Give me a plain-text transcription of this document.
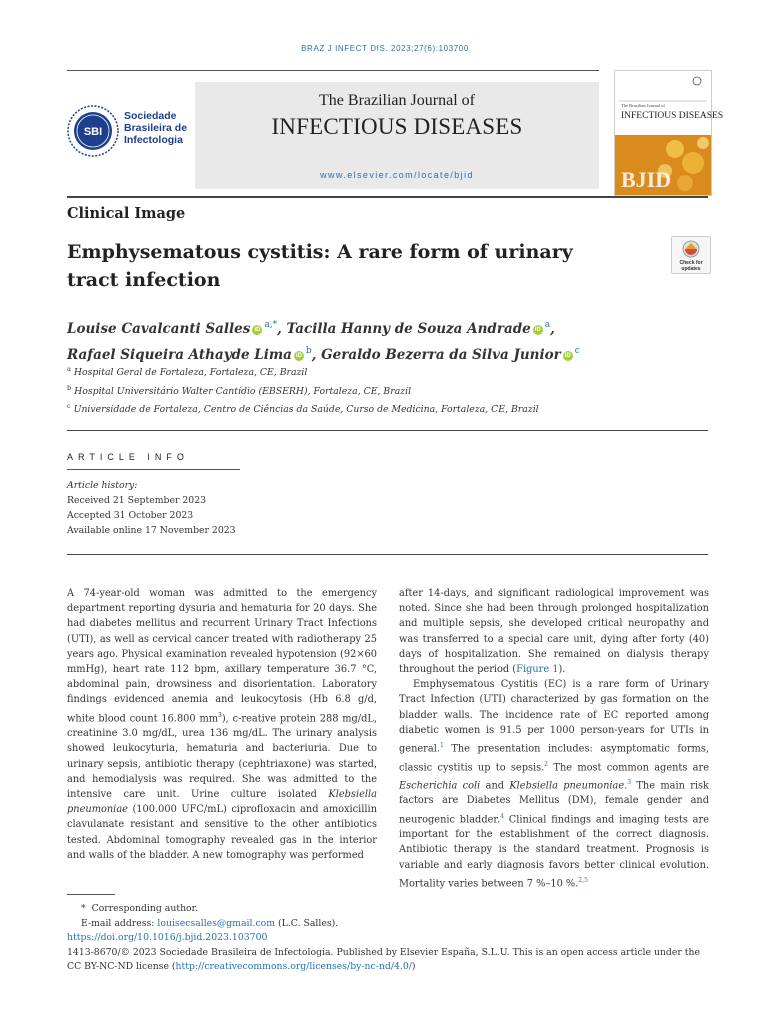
BRAZ J INFECT DIS. 2023;27(6):103700
SBI
Sociedade
Brasileira de
Infectologia
The Brazilian Journal of
INFECTIOUS DISEASES
www.elsevier.com/locate/bjid
The Brazilian Journal of
INFECTIOUS DISEASES
BJID
Clinical Image
Emphysematous cystitis: A rare form of urinary tract infection
Check for
updates
Louise Cavalcanti Salles iD $^{a,*}$, Tacilla Hanny de Souza Andrade iD $^a$,
Rafael Siqueira Athayde Lima iD $^b$, Geraldo Bezerra da Silva Junior iD $^c$
$^a$ Hospital Geral de Fortaleza, Fortaleza, CE, Brazil
$^b$ Hospital Universitário Walter Cantídio (EBSERH), Fortaleza, CE, Brazil
$^c$ Universidade de Fortaleza, Centro de Ciências da Saúde, Curso de Medicina, Fortaleza, CE, Brazil
ARTICLE INFO
Article history:
Received 21 September 2023
Accepted 31 October 2023
Available online 17 November 2023

A 74-year-old woman was admitted to the emergency department reporting dysuria and hematuria for 20 days. She had diabetes mellitus and recurrent Urinary Tract Infections (UTI), as well as cervical cancer treated with radiotherapy 25 years ago. Physical examination revealed hypotension (92×60 mmHg), heart rate 112 bpm, axillary temperature 36.7 °C, abdominal pain, drowsiness and disorientation. Laboratory findings evidenced anemia and leukocytosis (Hb 6.8 g/d, white blood count 16.800 $mm^3$), c-reative protein 288 mg/dL, creatinine 3.0 mg/dL, urea 136 mg/dL. The urinary analysis showed leukocyturia, hematuria and bacteriuria. Due to urinary sepsis, antibiotic therapy (cephtriaxone) was started, and hemodialysis was required. She was admitted to the intensive care unit. Urine culture isolated Klebsiella pneumoniae (100.000 UFC/mL) ciprofloxacin and amoxicillin clavulanate resistant and sensitive to the other antibiotics tested. Abdominal tomography revealed gas in the interior and walls of the bladder. A new tomography was performed

after 14-days, and significant radiological improvement was noted. Since she had been through prolonged hospitalization and multiple sepsis, she developed critical neuropathy and was transferred to a special care unit, dying after forty (40) days of hospitalization. She remained on dialysis therapy throughout the period (Figure 1).

Emphysematous Cystitis (EC) is a rare form of Urinary Tract Infection (UTI) characterized by gas formation on the bladder walls. The incidence rate of EC reported among diabetic women is 91.5 per 1000 person-years for UTIs in general.$^1$ The presentation includes: asymptomatic forms, classic cystitis up to sepsis.$^2$ The most common agents are Escherichia coli and Klebsiella pneumoniae.$^3$ The main risk factors are Diabetes Mellitus (DM), female gender and neurogenic bladder.$^4$ Clinical findings and imaging tests are important for the establishment of the correct diagnosis. Antibiotic therapy is the standard treatment. Prognosis is variable and early diagnosis favors better clinical evolution. Mortality varies between 7 %–10 %.$^{2,5}$

* Corresponding author.
E-mail address: louisecsalles@gmail.com (L.C. Salles).
https://doi.org/10.1016/j.bjid.2023.103700
1413-8670/© 2023 Sociedade Brasileira de Infectologia. Published by Elsevier España, S.L.U. This is an open access article under the CC BY-NC-ND license (http://creativecommons.org/licenses/by-nc-nd/4.0/)
